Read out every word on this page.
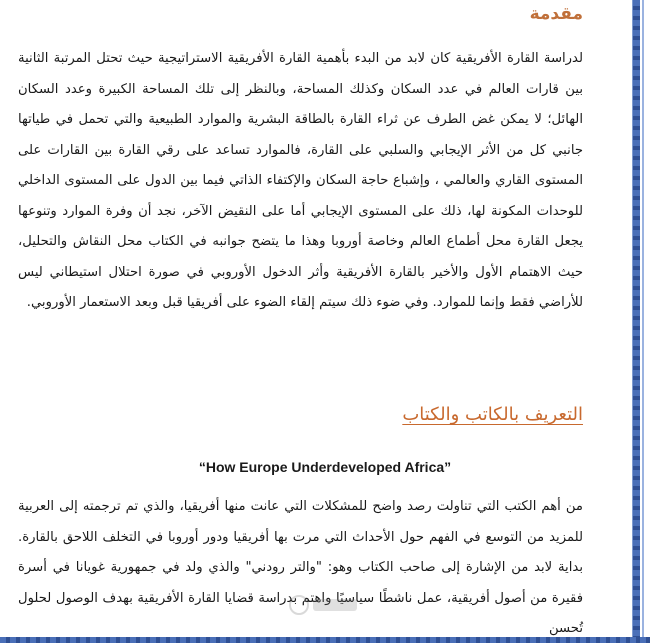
مقدمة

لدراسة القارة الأفريقية كان لابد من البدء بأهمية القارة الأفريقية الاستراتيجية حيث تحتل المرتبة الثانية بين قارات العالم في عدد السكان وكذلك المساحة، وبالنظر إلى تلك المساحة الكبيرة وعدد السكان الهائل؛ لا يمكن غض الطرف عن ثراء القارة بالطاقة البشرية والموارد الطبيعية والتي تحمل في طياتها جانبي كل من الأثر الإيجابي والسلبي على القارة، فالموارد تساعد على رقي القارة بين القارات على المستوى القاري والعالمي ، وإشباع حاجة السكان والإكتفاء الذاتي فيما بين الدول على المستوى الداخلي للوحدات المكونة لها، ذلك على المستوى الإيجابي أما على النقيض الآخر، نجد أن وفرة الموارد وتنوعها يجعل القارة محل أطماع العالم وخاصة أوروبا وهذا ما يتضح جوانبه في الكتاب محل النقاش والتحليل، حيث الاهتمام الأول والأخير بالقارة الأفريقية وأثر الدخول الأوروبي في صورة احتلال استيطاني ليس للأراضي فقط وإنما للموارد. وفي ضوء ذلك سيتم إلقاء الضوء على أفريقيا قبل وبعد الاستعمار الأوروبي.

التعريف بالكاتب والكتاب

من أهم الكتب التي تناولت رصد واضح للمشكلات التي عانت منها أفريقيا، والذي تم ترجمته إلى العربية للمزيد من التوسع في الفهم حول الأحداث التي مرت بها أفريقيا ودور أوروبا في التخلف اللاحق بالقارة. بداية لابد من الإشارة إلى صاحب الكتاب وهو: "والتر رودني" والذي ولد في جمهورية غويانا في أسرة فقيرة من أصول أفريقية، عمل ناشطًا سياسيًا واهتم بدراسة قضايا القارة الأفريقية بهدف الوصول لحلول تُحسن

“How Europe Underdeveloped Africa”
